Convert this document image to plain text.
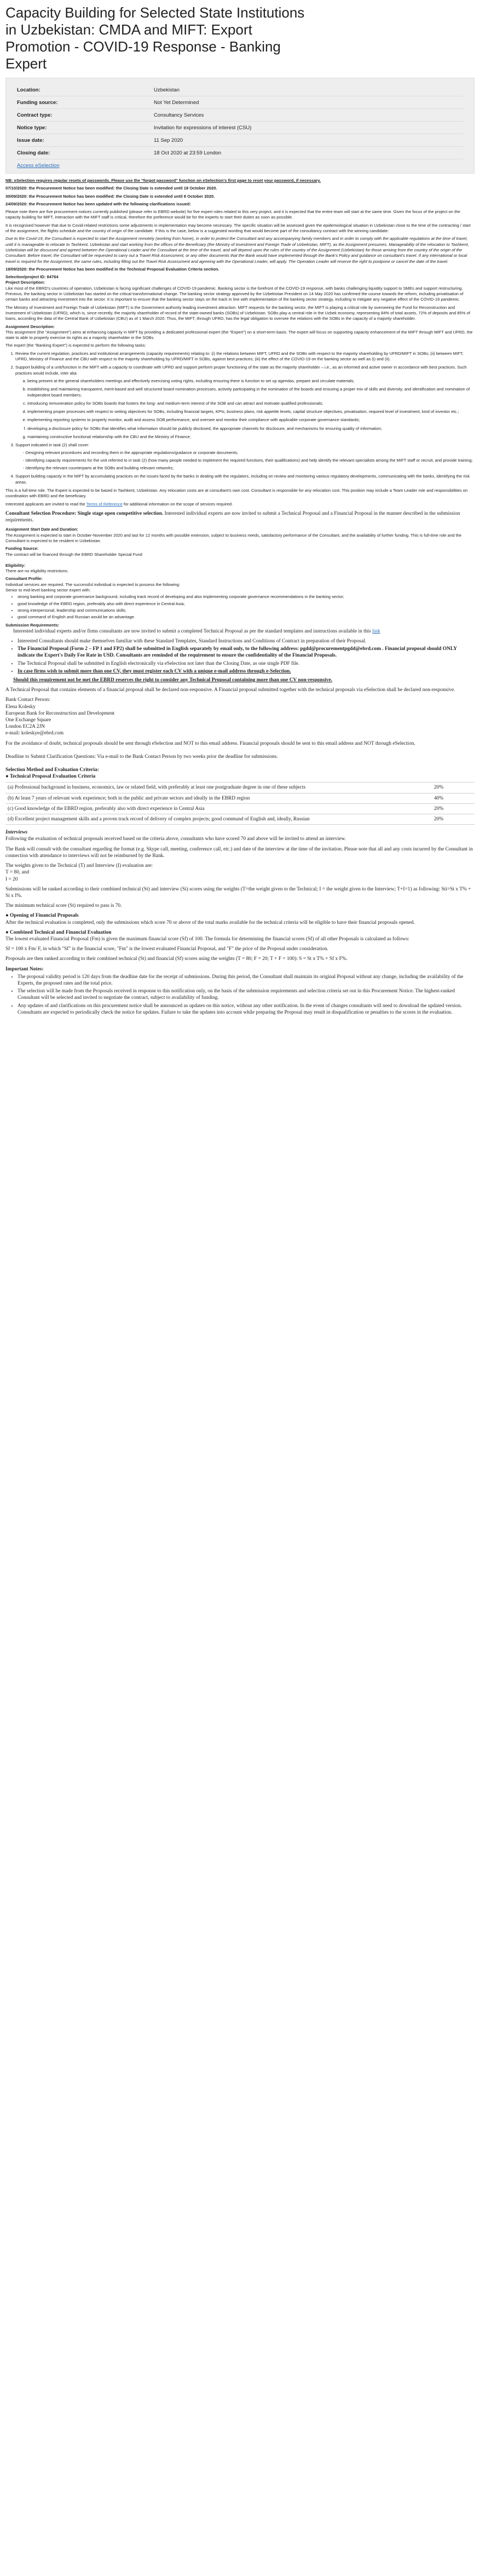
Capacity Building for Selected State Institutions in Uzbekistan: CMDA and MIFT: Export Promotion - COVID-19 Response - Banking Expert
Location:	Uzbekistan
Funding source:	Not Yet Determined
Contract type:	Consultancy Services
Notice type:	Invitation for expressions of interest (CSU)
Issue date:	11 Sep 2020
Closing date:	18 Oct 2020 at 23:59 London
Access eSelection

NB: eSelection requires regular resets of passwords. Please use the "forgot password" function on eSelection's first page to reset your password, if necessary.

07/10/2020: the Procurement Notice has been modified: the Closing Date is extended until 18 October 2020.

30/09/2020: the Procurement Notice has been modified: the Closing Date is extended until 8 October 2020.

24/09/2020: the Procurement Notice has been updated with the following clarifications issued:

Please note there are five procurement notices currently published (please refer to EBRD website) for five expert roles related to this very project, and it is expected that the entire team will start at the same time. Given the focus of the project on the capacity building for MIFT, interaction with the MIFT staff is critical, therefore the preference would be for the experts to start their duties as soon as possible.

It is recognised however that due to Covid-related restrictions some adjustments in implementation may become necessary. The specific situation will be assessed given the epidemiological situation in Uzbekistan close to the time of the contracting / start of the assignment, the flights schedule and the country of origin of the candidate. If this is the case, below is a suggested wording that would become part of the consultancy contract with the winning candidate:

Due to the Covid-19, the Consultant is expected to start the Assignment remotely (working from home), in order to protect the Consultant and any accompanying family members and in order to comply with the applicable regulations at the time of travel, until it is manageable to relocate to Tashkent, Uzbekistan and start working from the offices of the Beneficiary (the Ministry of Investment and Foreign Trade of Uzbekistan, MIFT), as the Assignment presumes. Manageability of the relocation to Tashkent, Uzbekistan will be discussed and agreed between the Operational Leader and the Consultant at the time of the travel, and will depend upon the rules of the country of the Assignment (Uzbekistan) for those arriving from the country of the origin of the Consultant. Before travel, the Consultant will be requested to carry out a Travel Risk Assessment, or any other documents that the Bank would have implemented through the Bank's Policy and guidance on consultant's travel. If any international or local travel is required for the Assignment, the same rules, including filling out the Travel Risk Assessment and agreeing with the Operational Leader, will apply. The Operation Leader will reserve the right to postpone or cancel the date of the travel.

18/09/2020: the Procurement Notice has been modified in the Technical Proposal Evaluation Criteria section.

Selection/project ID: 84764

Project Description:

Like most of the EBRD's countries of operation, Uzbekistan is facing significant challenges of COVID-19 pandemic. Banking sector is the forefront of the COVID-19 response, with banks challenging liquidity support to SMEs and support restructuring. Previous, the banking sector in Uzbekistan has started on the critical transformational change. The banking sector strategy approved by the Uzbekistan President on 14 May 2020 has confirmed the course towards the reform, including privatisation of certain banks and attracting investment into the sector. It is important to ensure that the banking sector stays on the track in line with implementation of the banking sector strategy, including to mitigate any negative effect of the COVID-19 pandemic.

The Ministry of Investment and Foreign Trade of Uzbekistan (MIFT) is the Government authority leading investment attraction. MIFT requests for the banking sector, the MIFT is playing a critical role by overseeing the Fund for Reconstruction and Investment of Uzbekistan (UFRD), which is, since recently, the majority shareholder of record of the state-owned banks (SOBs) of Uzbekistan. SOBs play a central role in the Uzbek economy, representing 84% of total assets, 72% of deposits and 85% of loans, according the data of the Central Bank of Uzbekistan (CBU) as of 1 March 2020. Thus, the MIFT, through UFRD, has the legal obligation to oversee the relations with the SOBs in the capacity of a majority shareholder.

Assignment Description:

This assignment (the "Assignment") aims at enhancing capacity in MIFT by providing a dedicated professional expert (the "Expert") on a short-term basis. The expert will focus on supporting capacity enhancement of the MIFT through MIFT and UFRD, the state to able to properly exercise its rights as a majority shareholder in the SOBs.

The expert (the "Banking Expert") is expected to perform the following tasks:

1. Review the current regulation, practices and institutional arrangements (capacity requirements) relating to: (i) the relations between MIFT, UFRD and the SOBs with respect to the majority shareholding by UFRD/MIFT in SOBs; (ii) between MIFT, UFRD, Ministry of Finance and the CBU with respect to the majority shareholding by UFRD/MIFT in SOBs, against best practices; (iii) the effect of the COVID-19 on the banking sector as well as (i) and (ii).
2. Support building of a unit/function in the MIFT with a capacity to coordinate with UFRD and support perform proper functioning of the state as the majority shareholder – i.e., as an informed and active owner in accordance with best practices. Such practices would include, inter alia:
a. being present at the general shareholders meetings and effectively exercising voting rights, including ensuring there is function to set up agendas, prepare and circulate materials;
b. establishing and maintaining transparent, merit-based and well structured board nomination processes, actively participating in the nomination of the boards and ensuring a proper mix of skills and diversity, and identification and nomination of independent board members;
c. introducing remuneration policy for SOBs boards that fosters the long- and medium-term interest of the SOB and can attract and motivate qualified professionals;
d. implementing proper processes with respect to setting objectives for SOBs, including financial targets, KPIs, business plans, risk appetite levels, capital structure objectives, privatisation, required level of investment, kind of investor etc.;
e. implementing reporting systems to properly monitor, audit and assess SOB performance, and oversee and monitor their compliance with applicable corporate governance standards;
f. developing a disclosure policy for SOBs that identifies what information should be publicly disclosed, the appropriate channels for disclosure, and mechanisms for ensuring quality of information;
g. maintaining constructive functional relationship with the CBU and the Ministry of Finance;
3. Support indicated in task (2) shall cover:
- Designing relevant procedures and recording them in the appropriate regulations/guidance or corporate documents;
- Identifying capacity requirements for the unit referred to in task (2) (how many people needed to implement the required functions, their qualifications) and help identify the relevant specialists among the MIFT staff or recruit, and provide training;
- Identifying the relevant counterparts at the SOBs and building relevant networks;
4. Support building capacity in the MIFT by accumulating practices on the issues faced by the banks in dealing with the regulators, including on review and monitoring various regulatory developments, communicating with the banks, identifying the risk areas.

This is a full-time role. The Expert is expected to be based in Tashkent, Uzbekistan. Any relocation costs are at consultant's own cost. Consultant is responsible for any relocation cost. This position may include a Team Leader role and responsibilities on coordination with EBRD and the beneficiary.

Interested applicants are invited to read the Terms of Reference for additional information on the scope of services required.

Consultant Selection Procedure: Single stage open competitive selection. Interested individual experts are now invited to submit a Technical Proposal and a Financial Proposal in the manner described in the submission requirements.

Assignment Start Date and Duration:

The Assignment is expected to start in October-November 2020 and last for 12 months with possible extension, subject to business needs, satisfactory performance of the Consultant, and the availability of further funding. This is full-time role and the Consultant is expected to be resident in Uzbekistan.

Funding Source:

The contract will be financed through the EBRD Shareholder Special Fund

Eligibility:

There are no eligibility restrictions.

Consultant Profile:

Individual services are required. The successful individual is expected to possess the following:

Senior to mid-level banking sector expert with:

• strong banking and corporate governance background, including track record of developing and also implementing corporate governance recommendations in the banking sector;
• good knowledge of the EBRD region, preferably also with direct experience in Central Asia;
• strong interpersonal, leadership and communications skills;
• good command of English and Russian would be an advantage.

Submission Requirements:

Interested individual experts and/or firms consultants are now invited to submit a completed Technical Proposal as per the standard templates and instructions available in this link

• Interested Consultants should make themselves familiar with these Standard Templates, Standard Instructions and Conditions of Contract in preparation of their Proposal.
• The Financial Proposal (Form 2 – FP 1 and FP2) shall be submitted in English separately by email only, to the following address: pgdd@procurementpgdd@ebrd.com . Financial proposal should ONLY indicate the Expert's Daily Fee Rate in USD. Consultants are reminded of the requirement to ensure the confidentiality of the Financial Proposals.
• The Technical Proposal shall be submitted in English electronically via eSelection not later than the Closing Date, as one single PDF file.
• In case firms wish to submit more than one CV, they must register each CV with a unique e-mail address through e-Selection.

Should this requirement not be met the EBRD reserves the right to consider any Technical Proposal containing more than one CV non-responsive.

A Technical Proposal that contains elements of a financial proposal shall be declared non-responsive. A Financial proposal submitted together with the technical proposals via eSelection shall be declared non-responsive.

Bank Contact Person:

Elena Kolesky
European Bank for Reconstruction and Development
One Exchange Square
London EC2A 2JN
e-mail: koleskye@ebrd.com

For the avoidance of doubt, technical proposals should be sent through eSelection and NOT to this email address. Financial proposals should be sent to this email address and NOT through eSelection.

Deadline to Submit Clarification Questions: Via e-mail to the Bank Contact Person by two weeks prior the deadline for submissions.

Selection Method and Evaluation Criteria:

● Technical Proposal Evaluation Criteria

(a) Professional background in business, economics, law or related field, with preferably at least one postgraduate degree in one of these subjects	20%
(b) At least 7 years of relevant work experience; both in the public and private sectors and ideally in the EBRD region	40%
(c) Good knowledge of the EBRD region, preferably also with direct experience in Central Asia	20%
(d) Excellent project management skills and a proven track record of delivery of complex projects; good command of English and, ideally, Russian	20%

Interviews

Following the evaluation of technical proposals received based on the criteria above, consultants who have scored 70 and above will be invited to attend an interview.

The Bank will consult with the consultant regarding the format (e.g. Skype call, meeting, conference call, etc.) and date of the interview at the time of the invitation. Please note that all and any costs incurred by the Consultant in connection with attendance to interviews will not be reimbursed by the Bank.

The weights given to the Technical (T) and Interview (I) evaluation are:

T = 80, and
I = 20

Submissions will be ranked according to their combined technical (St) and interview (Si) scores using the weights (T=the weight given to the Technical; I = the weight given to the Interview; T+I=1) as following: Sti=St x T% + Si x I%.

The minimum technical score (St) required to pass is 70.

● Opening of Financial Proposals

After the technical evaluation is completed, only the submissions which score 70 or above of the total marks available for the technical criteria will be eligible to have their financial proposals opened.

● Combined Technical and Financial Evaluation

The lowest evaluated Financial Proposal (Fm) is given the maximum financial score (Sf) of 100. The formula for determining the financial scores (Sf) of all other Proposals is calculated as follows:

Sf = 100 x Fm/ F, in which "Sf" is the financial score, "Fm" is the lowest evaluated Financial Proposal, and "F" the price of the Proposal under consideration.

Proposals are then ranked according to their combined technical (St) and financial (Sf) scores using the weights (T = 80; F = 20; T + F = 100): S = St x T% + Sf x F%.

Important Notes:

• The proposal validity period is 120 days from the deadline date for the receipt of submissions. During this period, the Consultant shall maintain its original Proposal without any change, including the availability of the Experts, the proposed rates and the total price.
• The selection will be made from the Proposals received in response to this notification only, on the basis of the submission requirements and selection criteria set out in this Procurement Notice. The highest-ranked Consultant will be selected and invited to negotiate the contract, subject to availability of funding.
• Any updates of and clarifications on this procurement notice shall be announced as updates on this notice, without any other notification. In the event of changes consultants will need to download the updated version. Consultants are expected to periodically check the notice for updates. Failure to take the updates into account while preparing the Proposal may result in disqualification or penalties to the scores in the evaluation.
